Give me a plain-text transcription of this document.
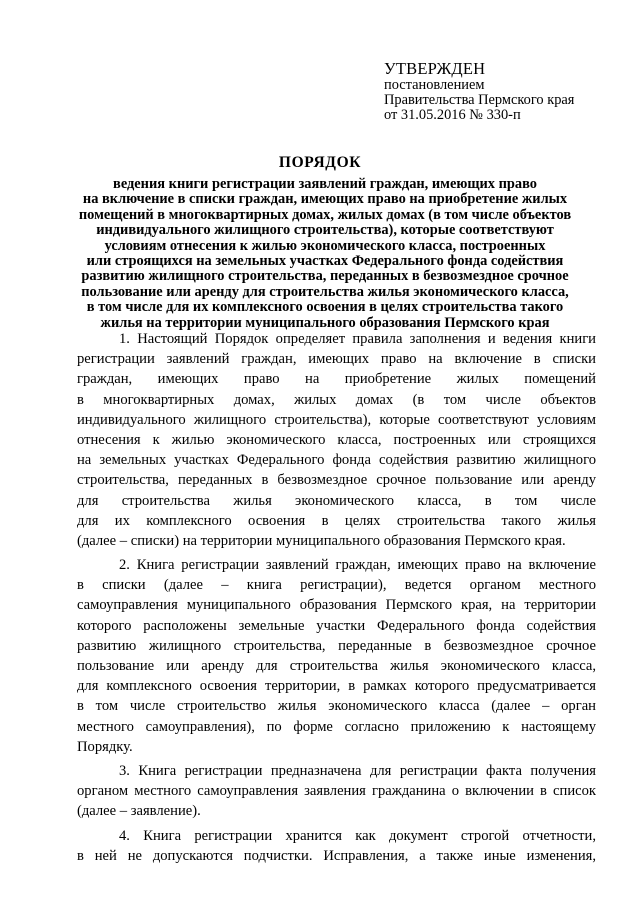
УТВЕРЖДЕН
постановлением
Правительства Пермского края
от 31.05.2016 № 330-п
ПОРЯДОК
ведения книги регистрации заявлений граждан, имеющих право
на включение в списки граждан, имеющих право на приобретение жилых
помещений в многоквартирных домах, жилых домах (в том числе объектов
индивидуального жилищного строительства), которые соответствуют
условиям отнесения к жилью экономического класса, построенных
или строящихся на земельных участках Федерального фонда содействия
развитию жилищного строительства, переданных в безвозмездное срочное
пользование или аренду для строительства жилья экономического класса,
в том числе для их комплексного освоения в целях строительства такого
жилья на территории муниципального образования Пермского края
1. Настоящий Порядок определяет правила заполнения и ведения книги
регистрации заявлений граждан, имеющих право на включение в списки
граждан, имеющих право на приобретение жилых помещений
в многоквартирных домах, жилых домах (в том числе объектов
индивидуального жилищного строительства), которые соответствуют условиям
отнесения к жилью экономического класса, построенных или строящихся
на земельных участках Федерального фонда содействия развитию жилищного
строительства, переданных в безвозмездное срочное пользование или аренду
для строительства жилья экономического класса, в том числе
для их комплексного освоения в целях строительства такого жилья
(далее – списки) на территории муниципального образования Пермского края.
2. Книга регистрации заявлений граждан, имеющих право на включение
в списки (далее – книга регистрации), ведется органом местного
самоуправления муниципального образования Пермского края, на территории
которого расположены земельные участки Федерального фонда содействия
развитию жилищного строительства, переданные в безвозмездное срочное
пользование или аренду для строительства жилья экономического класса,
для комплексного освоения территории, в рамках которого предусматривается
в том числе строительство жилья экономического класса (далее – орган
местного самоуправления), по форме согласно приложению к настоящему
Порядку.
3. Книга регистрации предназначена для регистрации факта получения
органом местного самоуправления заявления гражданина о включении в список
(далее – заявление).
4. Книга регистрации хранится как документ строгой отчетности,
в ней не допускаются подчистки. Исправления, а также иные изменения,
